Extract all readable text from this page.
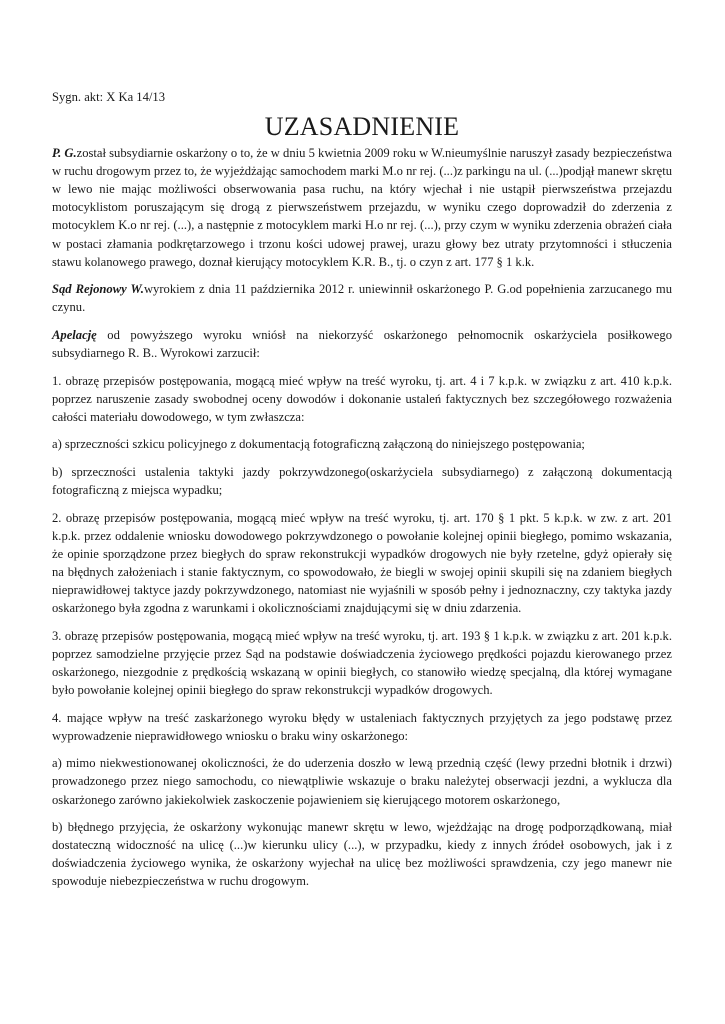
Sygn. akt: X Ka 14/13
UZASADNIENIE

P. G.został subsydiarnie oskarżony o to, że w dniu 5 kwietnia 2009 roku w W.nieumyślnie naruszył zasady bezpieczeństwa w ruchu drogowym przez to, że wyjeżdżając samochodem marki M.o nr rej. (...)z parkingu na ul. (...)podjął manewr skrętu w lewo nie mając możliwości obserwowania pasa ruchu, na który wjechał i nie ustąpił pierwszeństwa przejazdu motocyklistom poruszającym się drogą z pierwszeństwem przejazdu, w wyniku czego doprowadził do zderzenia z motocyklem K.o nr rej. (...), a następnie z motocyklem marki H.o nr rej. (...), przy czym w wyniku zderzenia obrażeń ciała w postaci złamania podkrętarzowego i trzonu kości udowej prawej, urazu głowy bez utraty przytomności i stłuczenia stawu kolanowego prawego, doznał kierujący motocyklem K.R. B., tj. o czyn z art. 177 § 1 k.k.

Sąd Rejonowy W.wyrokiem z dnia 11 października 2012 r. uniewinnił oskarżonego P. G.od popełnienia zarzucanego mu czynu.

Apelację od powyższego wyroku wniósł na niekorzyść oskarżonego pełnomocnik oskarżyciela posiłkowego subsydiarnego R. B.. Wyrokowi zarzucił:

1. obrazę przepisów postępowania, mogącą mieć wpływ na treść wyroku, tj. art. 4 i 7 k.p.k. w związku z art. 410 k.p.k. poprzez naruszenie zasady swobodnej oceny dowodów i dokonanie ustaleń faktycznych bez szczegółowego rozważenia całości materiału dowodowego, w tym zwłaszcza:

a) sprzeczności szkicu policyjnego z dokumentacją fotograficzną załączoną do niniejszego postępowania;

b) sprzeczności ustalenia taktyki jazdy pokrzywdzonego(oskarżyciela subsydiarnego) z załączoną dokumentacją fotograficzną z miejsca wypadku;

2. obrazę przepisów postępowania, mogącą mieć wpływ na treść wyroku, tj. art. 170 § 1 pkt. 5 k.p.k. w zw. z art. 201 k.p.k. przez oddalenie wniosku dowodowego pokrzywdzonego o powołanie kolejnej opinii biegłego, pomimo wskazania, że opinie sporządzone przez biegłych do spraw rekonstrukcji wypadków drogowych nie były rzetelne, gdyż opierały się na błędnych założeniach i stanie faktycznym, co spowodowało, że biegli w swojej opinii skupili się na zdaniem biegłych nieprawidłowej taktyce jazdy pokrzywdzonego, natomiast nie wyjaśnili w sposób pełny i jednoznaczny, czy taktyka jazdy oskarżonego była zgodna z warunkami i okolicznościami znajdującymi się w dniu zdarzenia.

3. obrazę przepisów postępowania, mogącą mieć wpływ na treść wyroku, tj. art. 193 § 1 k.p.k. w związku z art. 201 k.p.k. poprzez samodzielne przyjęcie przez Sąd na podstawie doświadczenia życiowego prędkości pojazdu kierowanego przez oskarżonego, niezgodnie z prędkością wskazaną w opinii biegłych, co stanowiło wiedzę specjalną, dla której wymagane było powołanie kolejnej opinii biegłego do spraw rekonstrukcji wypadków drogowych.

4. mające wpływ na treść zaskarżonego wyroku błędy w ustaleniach faktycznych przyjętych za jego podstawę przez wyprowadzenie nieprawidłowego wniosku o braku winy oskarżonego:

a) mimo niekwestionowanej okoliczności, że do uderzenia doszło w lewą przednią część (lewy przedni błotnik i drzwi) prowadzonego przez niego samochodu, co niewątpliwie wskazuje o braku należytej obserwacji jezdni, a wyklucza dla oskarżonego zarówno jakiekolwiek zaskoczenie pojawieniem się kierującego motorem oskarżonego,

b) błędnego przyjęcia, że oskarżony wykonując manewr skrętu w lewo, wjeżdżając na drogę podporządkowaną, miał dostateczną widoczność na ulicę (...)w kierunku ulicy (...), w przypadku, kiedy z innych źródeł osobowych, jak i z doświadczenia życiowego wynika, że oskarżony wyjechał na ulicę bez możliwości sprawdzenia, czy jego manewr nie spowoduje niebezpieczeństwa w ruchu drogowym.
